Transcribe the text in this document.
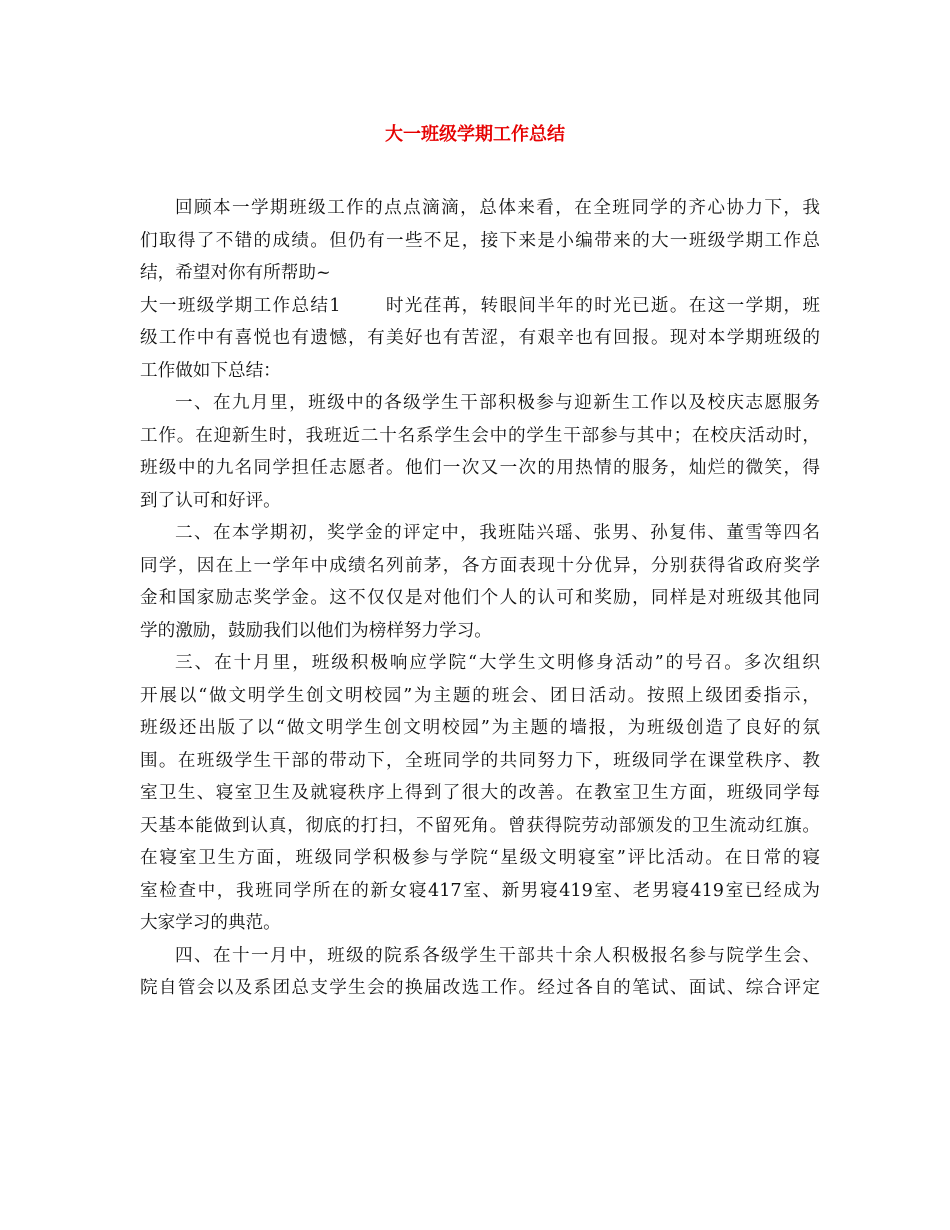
大一班级学期工作总结
回顾本一学期班级工作的点点滴滴，总体来看，在全班同学的齐心协力下，我
们取得了不错的成绩。但仍有一些不足，接下来是小编带来的大一班级学期工作总
结，希望对你有所帮助~
大一班级学期工作总结1	时光荏苒，转眼间半年的时光已逝。在这一学期，班
级工作中有喜悦也有遗憾，有美好也有苦涩，有艰辛也有回报。现对本学期班级的
工作做如下总结：
一、在九月里，班级中的各级学生干部积极参与迎新生工作以及校庆志愿服务
工作。在迎新生时，我班近二十名系学生会中的学生干部参与其中；在校庆活动时，
班级中的九名同学担任志愿者。他们一次又一次的用热情的服务，灿烂的微笑，得
到了认可和好评。
二、在本学期初，奖学金的评定中，我班陆兴瑶、张男、孙复伟、董雪等四名
同学，因在上一学年中成绩名列前茅，各方面表现十分优异，分别获得省政府奖学
金和国家励志奖学金。这不仅仅是对他们个人的认可和奖励，同样是对班级其他同
学的激励，鼓励我们以他们为榜样努力学习。
三、在十月里，班级积极响应学院“大学生文明修身活动”的号召。多次组织
开展以“做文明学生创文明校园”为主题的班会、团日活动。按照上级团委指示，
班级还出版了以“做文明学生创文明校园”为主题的墙报，为班级创造了良好的氛
围。在班级学生干部的带动下，全班同学的共同努力下，班级同学在课堂秩序、教
室卫生、寝室卫生及就寝秩序上得到了很大的改善。在教室卫生方面，班级同学每
天基本能做到认真，彻底的打扫，不留死角。曾获得院劳动部颁发的卫生流动红旗。
在寝室卫生方面，班级同学积极参与学院“星级文明寝室”评比活动。在日常的寝
室检查中，我班同学所在的新女寝417室、新男寝419室、老男寝419室已经成为
大家学习的典范。
四、在十一月中，班级的院系各级学生干部共十余人积极报名参与院学生会、
院自管会以及系团总支学生会的换届改选工作。经过各自的笔试、面试、综合评定
